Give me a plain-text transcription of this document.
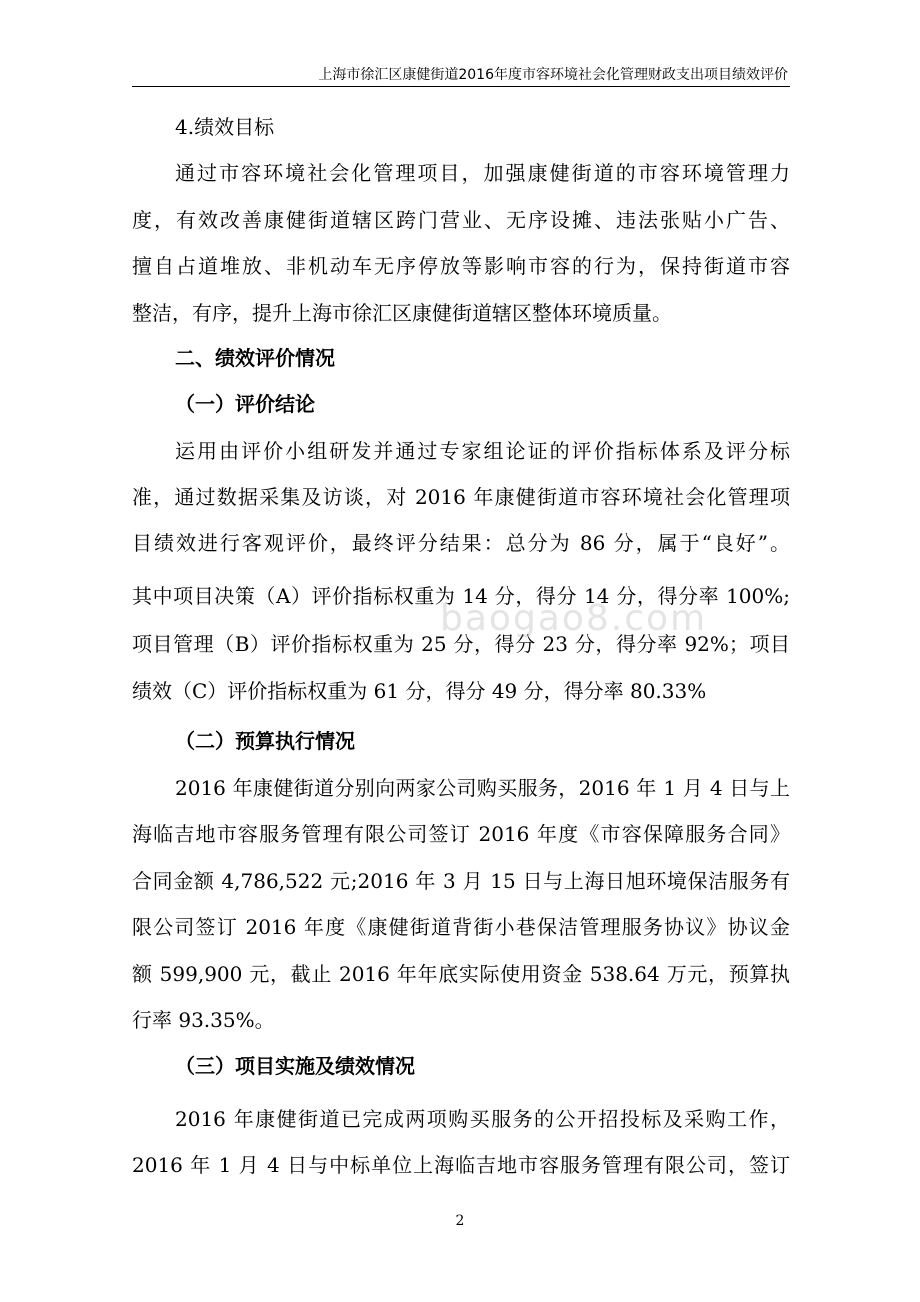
上海市徐汇区康健街道2016年度市容环境社会化管理财政支出项目绩效评价
4.绩效目标
通过市容环境社会化管理项目，加强康健街道的市容环境管理力
度，有效改善康健街道辖区跨门营业、无序设摊、违法张贴小广告、
擅自占道堆放、非机动车无序停放等影响市容的行为，保持街道市容
整洁，有序，提升上海市徐汇区康健街道辖区整体环境质量。
二、绩效评价情况
（一）评价结论
运用由评价小组研发并通过专家组论证的评价指标体系及评分标
准，通过数据采集及访谈，对 2016 年康健街道市容环境社会化管理项
目绩效进行客观评价，最终评分结果：总分为 86 分，属于“良好”。
其中项目决策（A）评价指标权重为 14 分，得分 14 分，得分率 100%;
项目管理（B）评价指标权重为 25 分，得分 23 分，得分率 92%；项目
绩效（C）评价指标权重为 61 分，得分 49 分，得分率 80.33%
（二）预算执行情况
2016 年康健街道分别向两家公司购买服务，2016 年 1 月 4 日与上
海临吉地市容服务管理有限公司签订 2016 年度《市容保障服务合同》
合同金额 4,786,522 元;2016 年 3 月 15 日与上海日旭环境保洁服务有
限公司签订 2016 年度《康健街道背街小巷保洁管理服务协议》协议金
额 599,900 元，截止 2016 年年底实际使用资金 538.64 万元，预算执
行率 93.35%。
（三）项目实施及绩效情况
2016 年康健街道已完成两项购买服务的公开招投标及采购工作，
2016 年 1 月 4 日与中标单位上海临吉地市容服务管理有限公司，签订
baogao8.com
2
